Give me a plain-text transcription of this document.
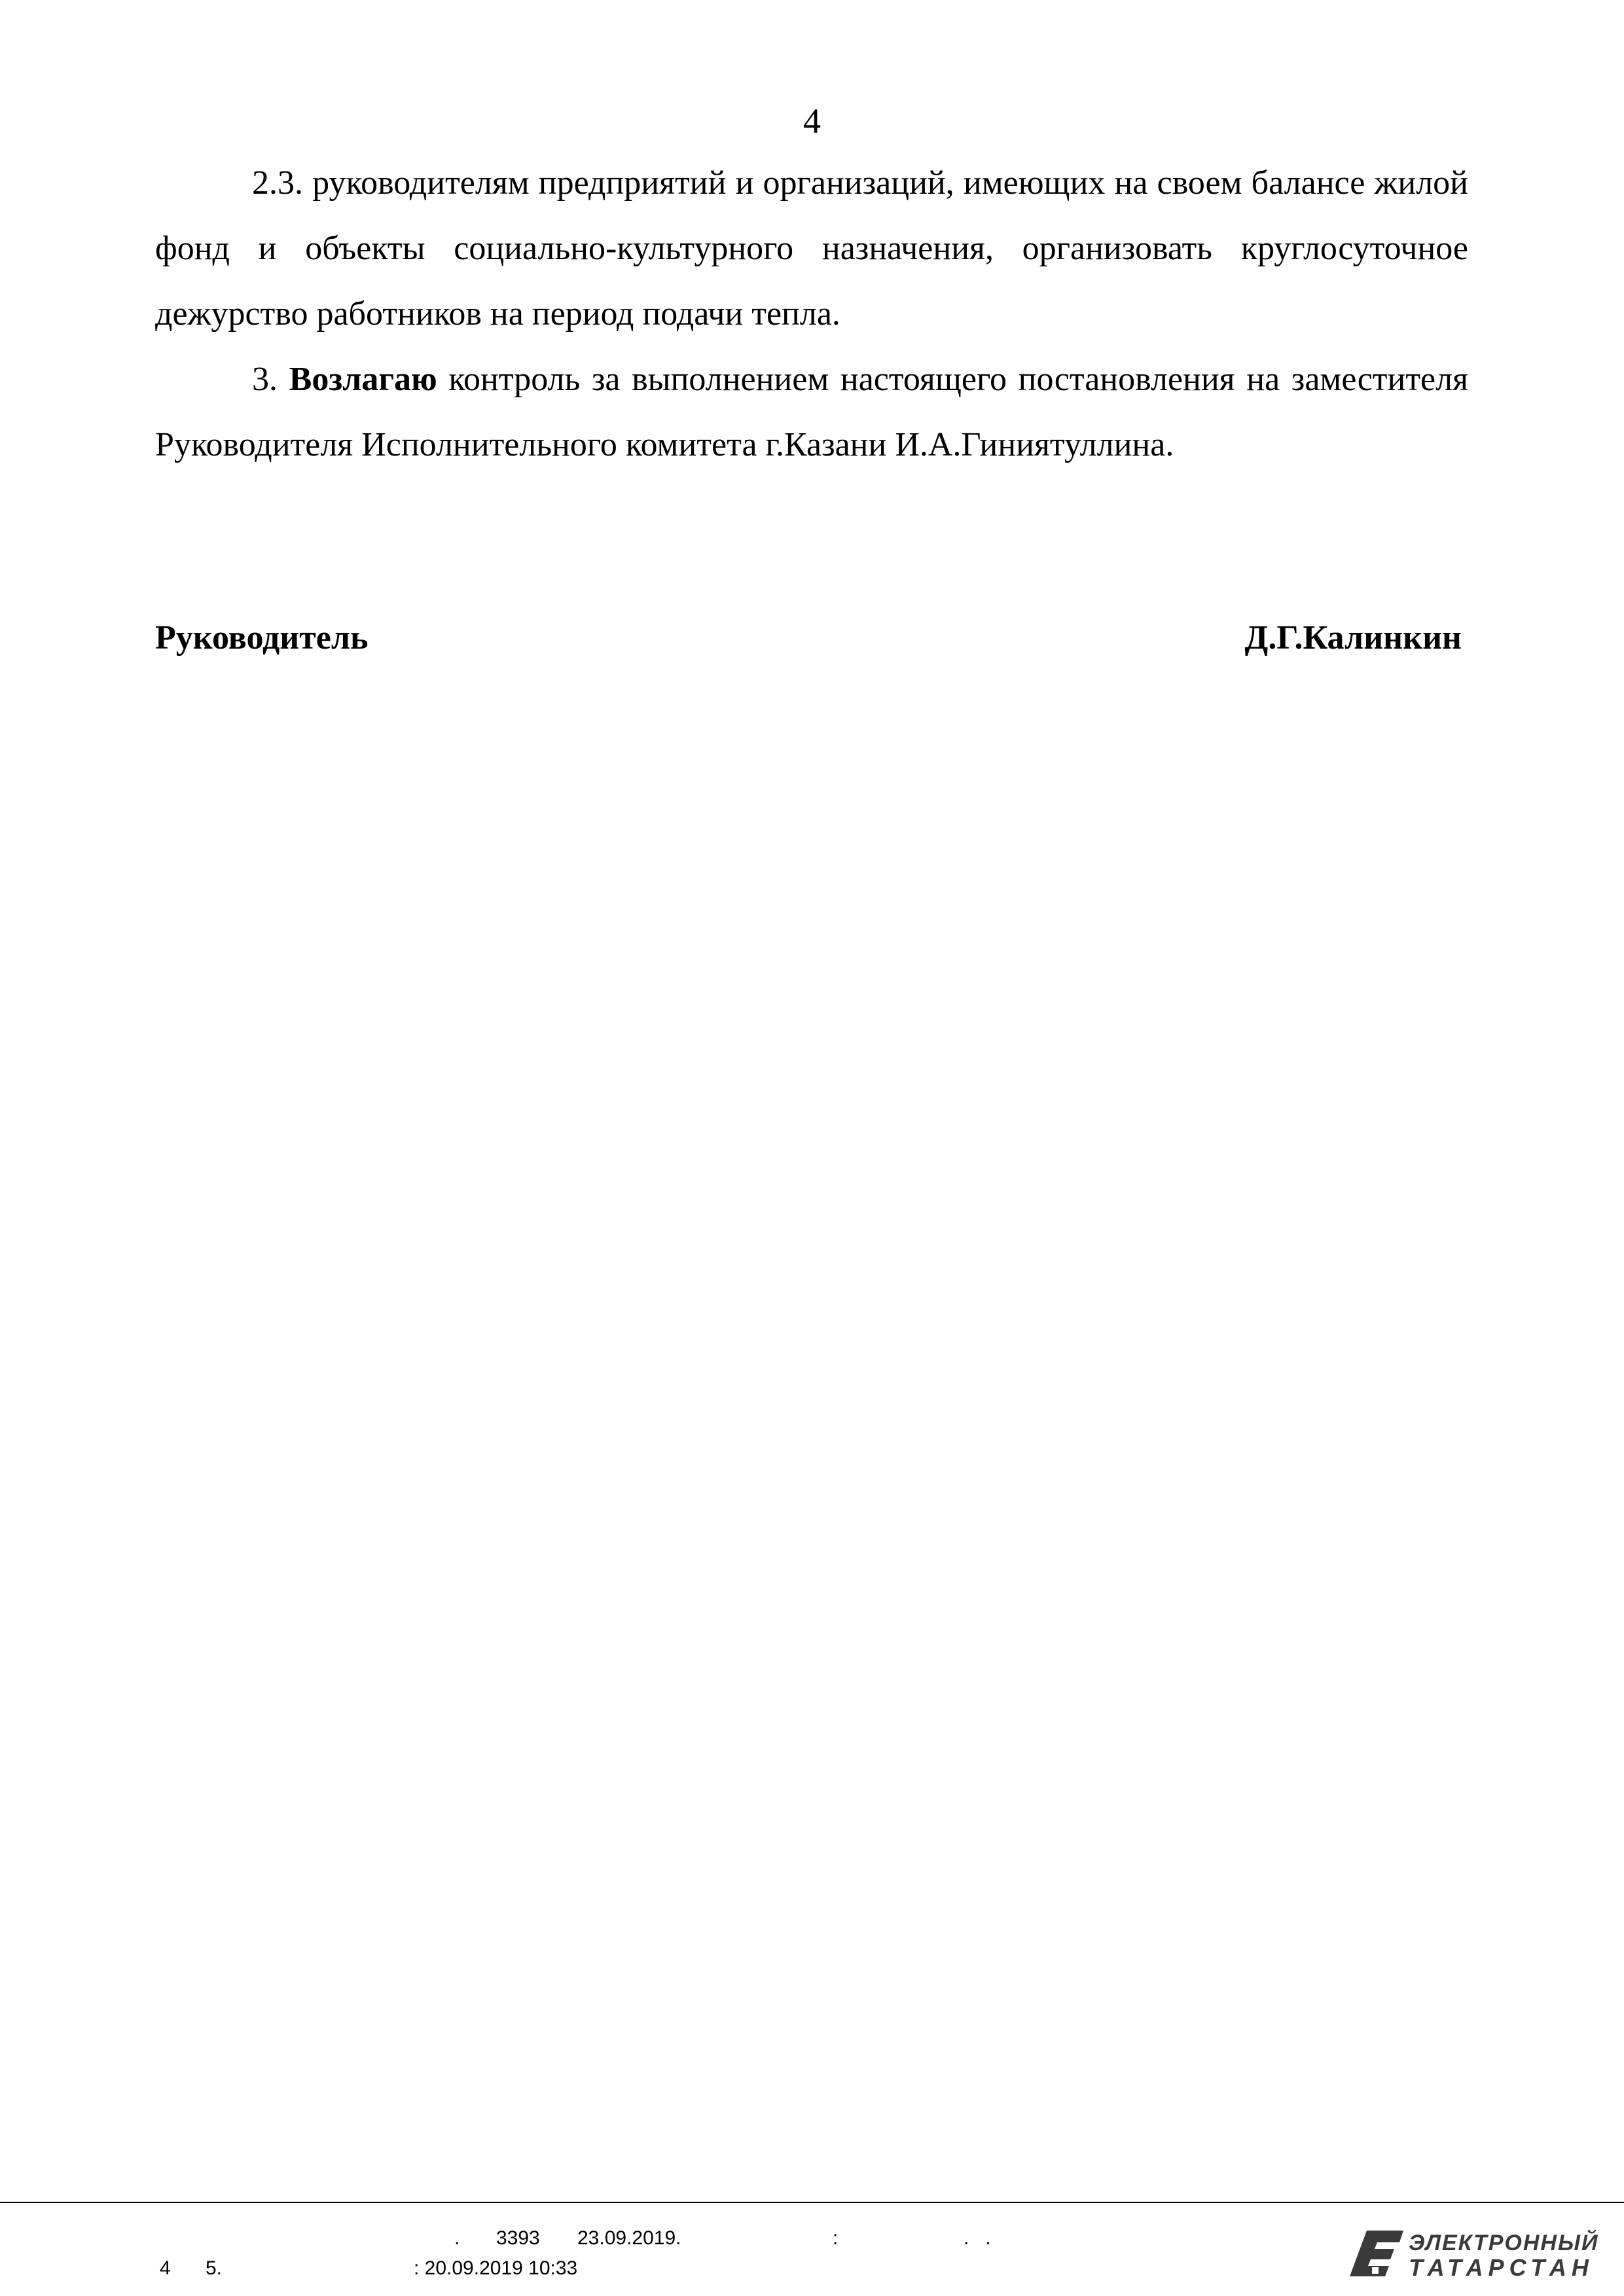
4

2.3. руководителям предприятий и организаций, имеющих на своем балансе жилой фонд и объекты социально-культурного назначения, организовать круглосуточное дежурство работников на период подачи тепла.

3. Возлагаю контроль за выполнением настоящего постановления на заместителя Руководителя Исполнительного комитета г.Казани И.А.Гиниятуллина.

Руководитель	Д.Г.Калинкин
. 3393 23.09.2019.	:	.   .
4 5.	: 20.09.2019 10:33
ЭЛЕКТРОННЫЙ
ТАТАРСТАН
